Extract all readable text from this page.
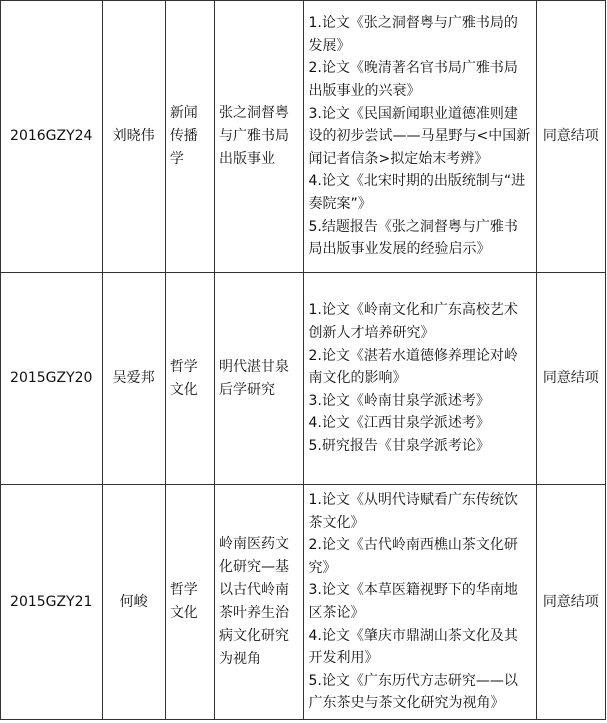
2016GZY24	刘晓伟	新闻传播学	张之洞督粤与广雅书局出版事业	1.论文《张之洞督粤与广雅书局的发展》
2.论文《晚清著名官书局广雅书局出版事业的兴衰》
3.论文《民国新闻职业道德准则建设的初步尝试——马星野与<中国新闻记者信条>拟定始末考辨》
4.论文《北宋时期的出版统制与“进奏院案”》
5.结题报告《张之洞督粤与广雅书局出版事业发展的经验启示》	同意结项
2015GZY20	吴爱邦	哲学文化	明代湛甘泉后学研究	1.论文《岭南文化和广东高校艺术创新人才培养研究》
2.论文《湛若水道德修养理论对岭南文化的影响》
3.论文《岭南甘泉学派述考》
4.论文《江西甘泉学派述考》
5.研究报告《甘泉学派考论》	同意结项
2015GZY21	何峻	哲学文化	岭南医药文化研究—基以古代岭南茶叶养生治病文化研究为视角	1.论文《从明代诗赋看广东传统饮茶文化》
2.论文《古代岭南西樵山茶文化研究》
3.论文《本草医籍视野下的华南地区茶论》
4.论文《肇庆市鼎湖山茶文化及其开发利用》
5.论文《广东历代方志研究——以广东茶史与茶文化研究为视角》	同意结项
